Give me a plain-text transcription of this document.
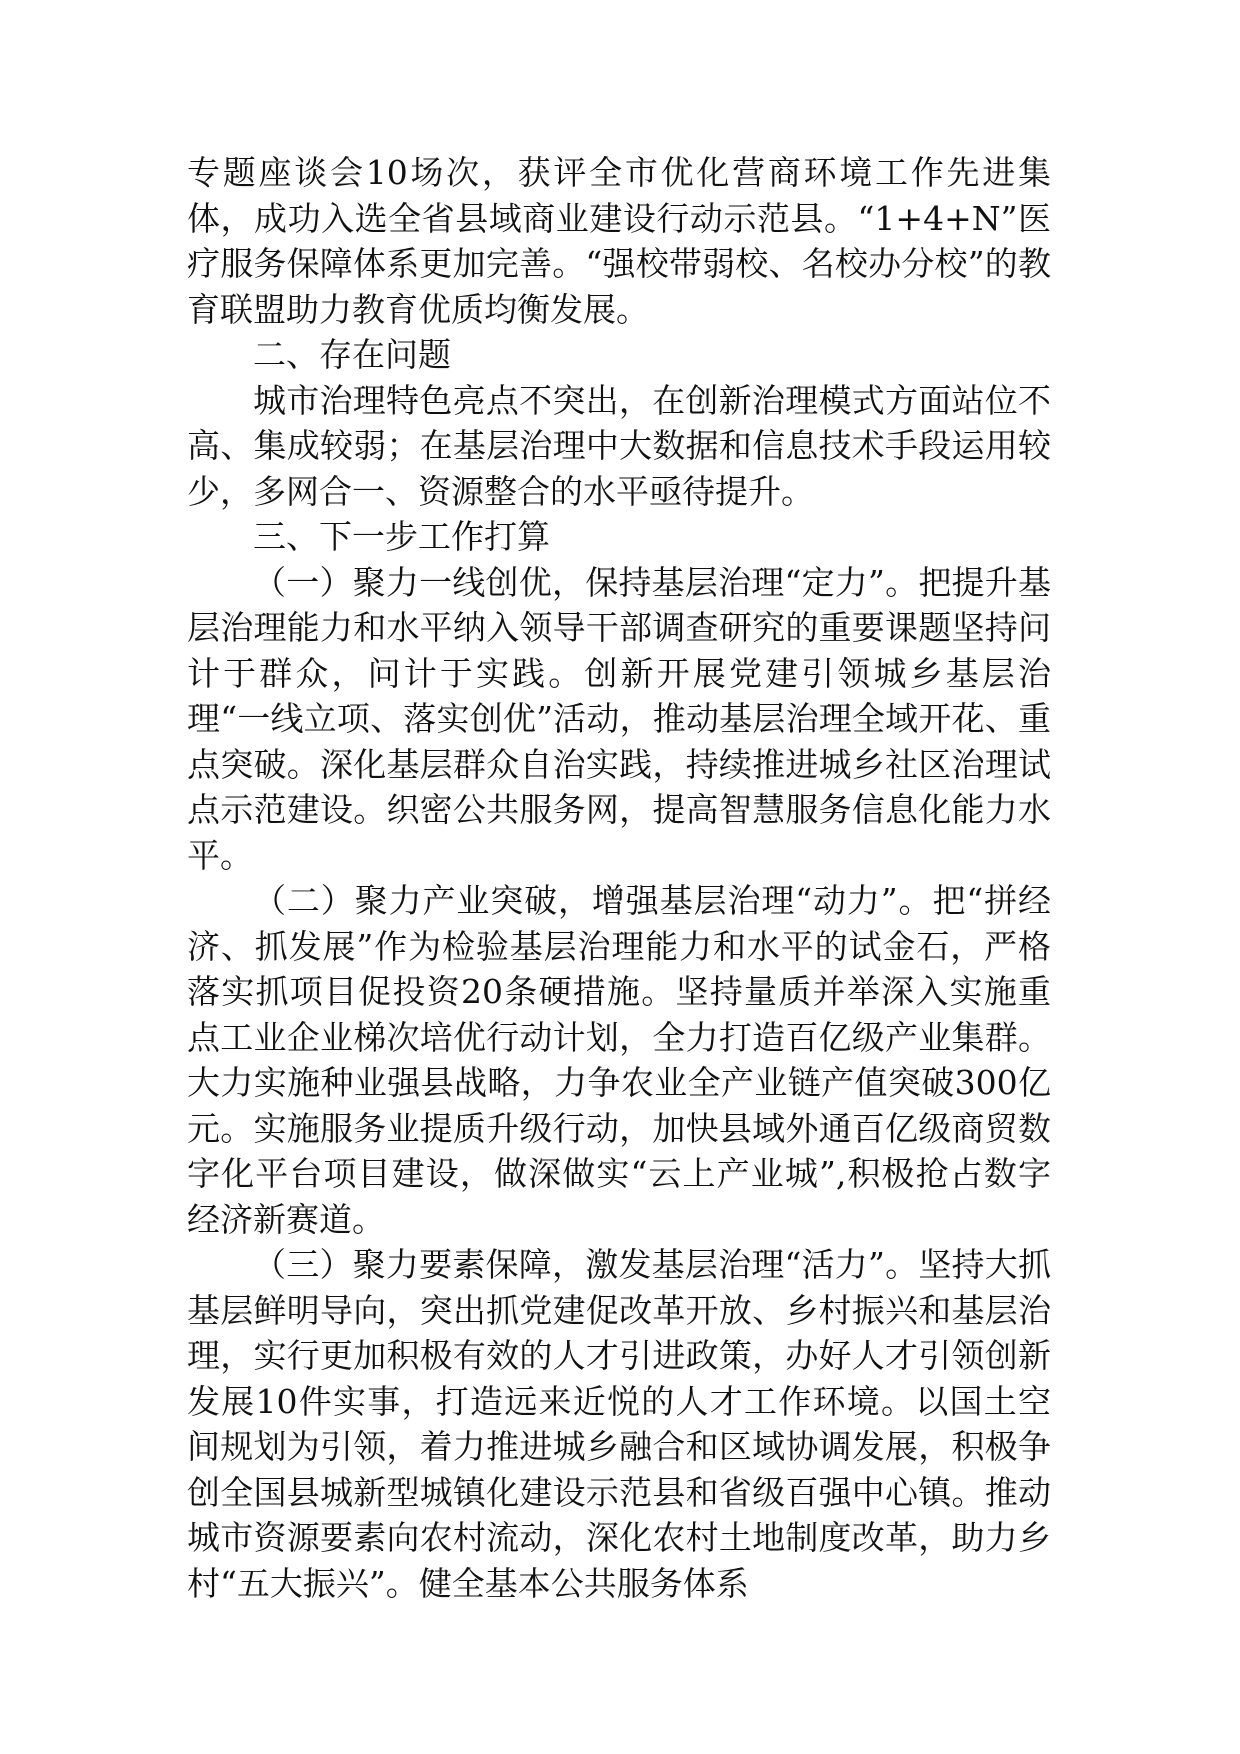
专题座谈会10场次，获评全市优化营商环境工作先进集体，成功入选全省县域商业建设行动示范县。“1+4+N”医疗服务保障体系更加完善。“强校带弱校、名校办分校”的教育联盟助力教育优质均衡发展。

二、存在问题

城市治理特色亮点不突出，在创新治理模式方面站位不高、集成较弱；在基层治理中大数据和信息技术手段运用较少，多网合一、资源整合的水平亟待提升。

三、下一步工作打算

（一）聚力一线创优，保持基层治理“定力”。把提升基层治理能力和水平纳入领导干部调查研究的重要课题坚持问计于群众，问计于实践。创新开展党建引领城乡基层治理“一线立项、落实创优”活动，推动基层治理全域开花、重点突破。深化基层群众自治实践，持续推进城乡社区治理试点示范建设。织密公共服务网，提高智慧服务信息化能力水平。

（二）聚力产业突破，增强基层治理“动力”。把“拼经济、抓发展”作为检验基层治理能力和水平的试金石，严格落实抓项目促投资20条硬措施。坚持量质并举深入实施重点工业企业梯次培优行动计划，全力打造百亿级产业集群。大力实施种业强县战略，力争农业全产业链产值突破300亿元。实施服务业提质升级行动，加快县域外通百亿级商贸数字化平台项目建设，做深做实“云上产业城”,积极抢占数字经济新赛道。

（三）聚力要素保障，激发基层治理“活力”。坚持大抓基层鲜明导向，突出抓党建促改革开放、乡村振兴和基层治理，实行更加积极有效的人才引进政策，办好人才引领创新发展10件实事，打造远来近悦的人才工作环境。以国土空间规划为引领，着力推进城乡融合和区域协调发展，积极争创全国县城新型城镇化建设示范县和省级百强中心镇。推动城市资源要素向农村流动，深化农村土地制度改革，助力乡村“五大振兴”。健全基本公共服务体系
